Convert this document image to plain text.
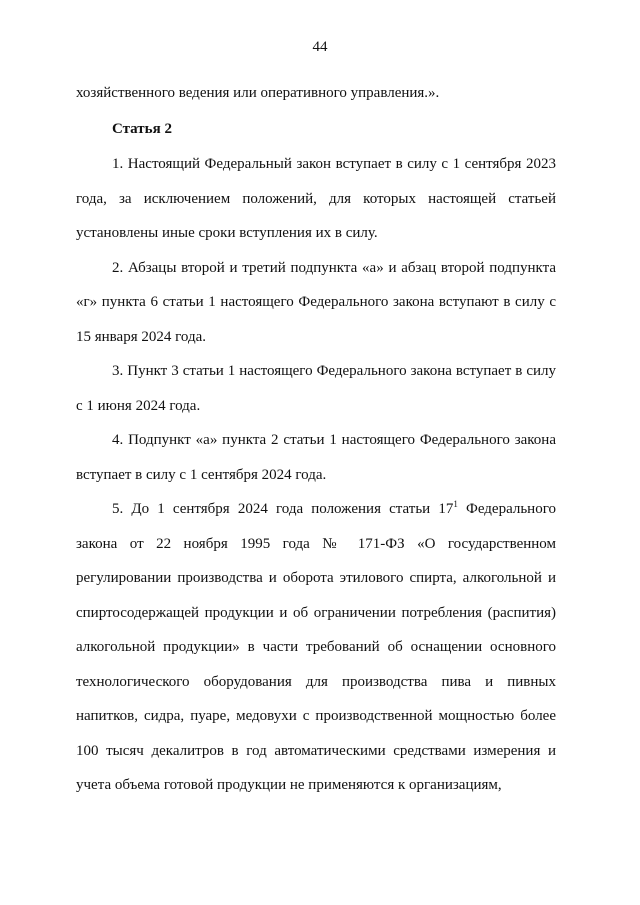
44

хозяйственного ведения или оперативного управления.».

Статья 2

1. Настоящий Федеральный закон вступает в силу с 1 сентября 2023 года, за исключением положений, для которых настоящей статьей установлены иные сроки вступления их в силу.

2. Абзацы второй и третий подпункта «а» и абзац второй подпункта «г» пункта 6 статьи 1 настоящего Федерального закона вступают в силу с 15 января 2024 года.

3. Пункт 3 статьи 1 настоящего Федерального закона вступает в силу с 1 июня 2024 года.

4. Подпункт «а» пункта 2 статьи 1 настоящего Федерального закона вступает в силу с 1 сентября 2024 года.

5. До 1 сентября 2024 года положения статьи $17^1$ Федерального закона от 22 ноября 1995 года № 171-ФЗ «О государственном регулировании производства и оборота этилового спирта, алкогольной и спиртосодержащей продукции и об ограничении потребления (распития) алкогольной продукции» в части требований об оснащении основного технологического оборудования для производства пива и пивных напитков, сидра, пуаре, медовухи с производственной мощностью более 100 тысяч декалитров в год автоматическими средствами измерения и учета объема готовой продукции не применяются к организациям,
